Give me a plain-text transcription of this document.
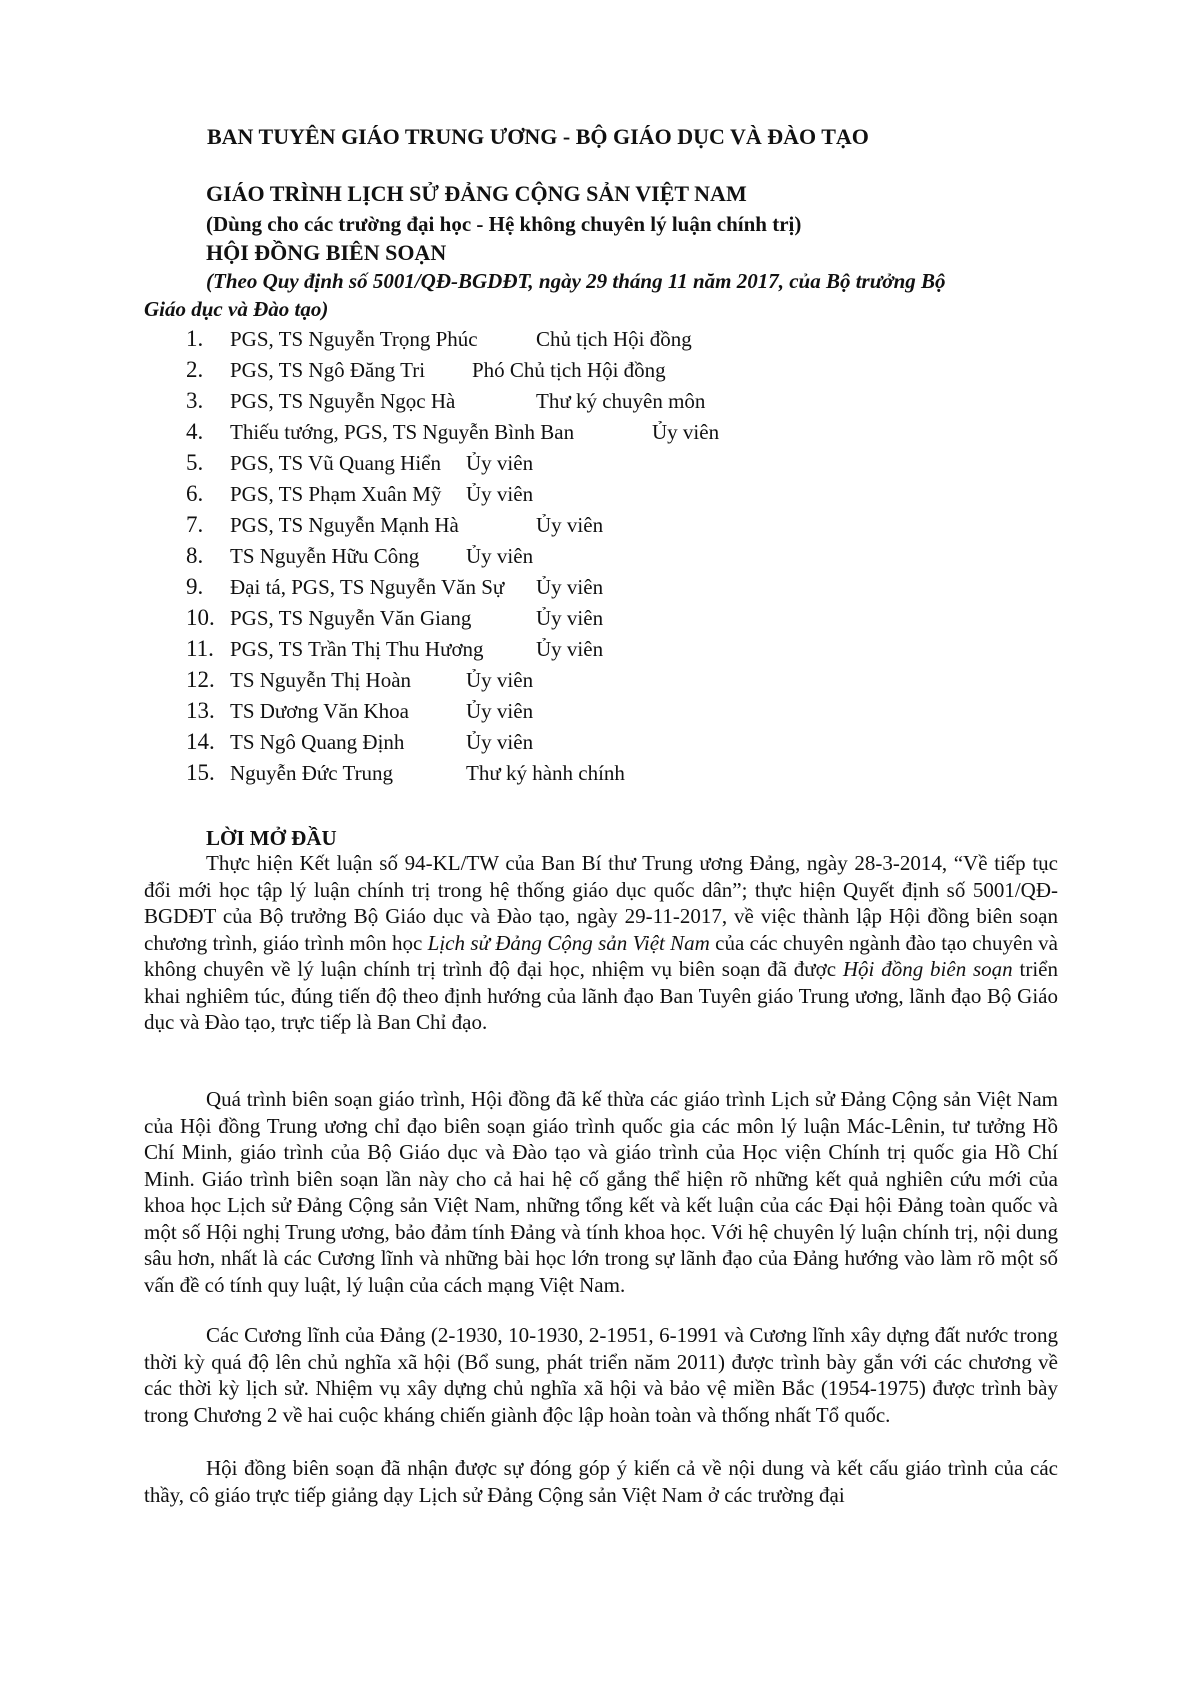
BAN TUYÊN GIÁO TRUNG ƯƠNG - BỘ GIÁO DỤC VÀ ĐÀO TẠO
GIÁO TRÌNH LỊCH SỬ ĐẢNG CỘNG SẢN VIỆT NAM
(Dùng cho các trường đại học - Hệ không chuyên lý luận chính trị)
HỘI ĐỒNG BIÊN SOẠN
(Theo Quy định số 5001/QĐ-BGDĐT, ngày 29 tháng 11 năm 2017, của Bộ trưởng Bộ
Giáo dục và Đào tạo)
1.	PGS, TS Nguyễn Trọng Phúc	Chủ tịch Hội đồng
2.	PGS, TS Ngô Đăng Tri Phó Chủ tịch Hội đồng
3.	PGS, TS Nguyễn Ngọc Hà	Thư ký chuyên môn
4.	Thiếu tướng, PGS, TS Nguyễn Bình Ban	Ủy viên
5.	PGS, TS Vũ Quang Hiển Ủy viên
6.	PGS, TS Phạm Xuân Mỹ Ủy viên
7.	PGS, TS Nguyễn Mạnh Hà	Ủy viên
8.	TS Nguyễn Hữu Công Ủy viên
9.	Đại tá, PGS, TS Nguyễn Văn Sự Ủy viên
10. PGS, TS Nguyễn Văn Giang	Ủy viên
11. PGS, TS Trần Thị Thu Hương Ủy viên
12. TS Nguyễn Thị Hoàn	Ủy viên
13. TS Dương Văn Khoa	Ủy viên
14. TS Ngô Quang Định	Ủy viên
15. Nguyễn Đức Trung	Thư ký hành chính
LỜI MỞ ĐẦU
Thực hiện Kết luận số 94-KL/TW của Ban Bí thư Trung ương Đảng, ngày 28-3-2014, “Về tiếp tục đổi mới học tập lý luận chính trị trong hệ thống giáo dục quốc dân”; thực hiện Quyết định số 5001/QĐ-BGDĐT của Bộ trưởng Bộ Giáo dục và Đào tạo, ngày 29-11-2017, về việc thành lập Hội đồng biên soạn chương trình, giáo trình môn học Lịch sử Đảng Cộng sản Việt Nam của các chuyên ngành đào tạo chuyên và không chuyên về lý luận chính trị trình độ đại học, nhiệm vụ biên soạn đã được Hội đồng biên soạn triển khai nghiêm túc, đúng tiến độ theo định hướng của lãnh đạo Ban Tuyên giáo Trung ương, lãnh đạo Bộ Giáo dục và Đào tạo, trực tiếp là Ban Chỉ đạo.
Quá trình biên soạn giáo trình, Hội đồng đã kế thừa các giáo trình Lịch sử Đảng Cộng sản Việt Nam của Hội đồng Trung ương chỉ đạo biên soạn giáo trình quốc gia các môn lý luận Mác-Lênin, tư tưởng Hồ Chí Minh, giáo trình của Bộ Giáo dục và Đào tạo và giáo trình của Học viện Chính trị quốc gia Hồ Chí Minh. Giáo trình biên soạn lần này cho cả hai hệ cố gắng thể hiện rõ những kết quả nghiên cứu mới của khoa học Lịch sử Đảng Cộng sản Việt Nam, những tổng kết và kết luận của các Đại hội Đảng toàn quốc và một số Hội nghị Trung ương, bảo đảm tính Đảng và tính khoa học. Với hệ chuyên lý luận chính trị, nội dung sâu hơn, nhất là các Cương lĩnh và những bài học lớn trong sự lãnh đạo của Đảng hướng vào làm rõ một số vấn đề có tính quy luật, lý luận của cách mạng Việt Nam.
Các Cương lĩnh của Đảng (2-1930, 10-1930, 2-1951, 6-1991 và Cương lĩnh xây dựng đất nước trong thời kỳ quá độ lên chủ nghĩa xã hội (Bổ sung, phát triển năm 2011) được trình bày gắn với các chương về các thời kỳ lịch sử. Nhiệm vụ xây dựng chủ nghĩa xã hội và bảo vệ miền Bắc (1954-1975) được trình bày trong Chương 2 về hai cuộc kháng chiến giành độc lập hoàn toàn và thống nhất Tổ quốc.
Hội đồng biên soạn đã nhận được sự đóng góp ý kiến cả về nội dung và kết cấu giáo trình của các thầy, cô giáo trực tiếp giảng dạy Lịch sử Đảng Cộng sản Việt Nam ở các trường đại
